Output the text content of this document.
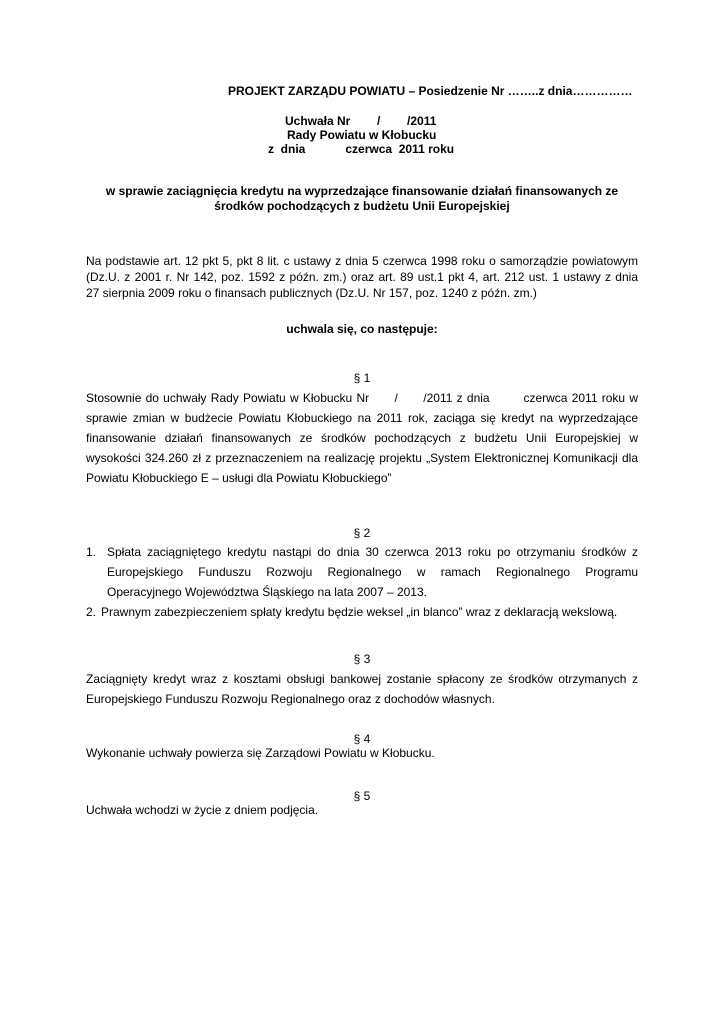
PROJEKT ZARZĄDU POWIATU – Posiedzenie Nr ……..z dnia……………
Uchwała Nr        /        /2011
Rady Powiatu w Kłobucku
z  dnia            czerwca  2011 roku
w sprawie zaciągnięcia kredytu na wyprzedzające finansowanie działań finansowanych ze
środków pochodzących z budżetu Unii Europejskiej
Na podstawie art. 12 pkt 5, pkt 8 lit. c ustawy z dnia 5 czerwca 1998 roku o samorządzie powiatowym
(Dz.U. z 2001 r. Nr 142, poz. 1592 z późn. zm.) oraz art. 89 ust.1 pkt 4, art. 212 ust. 1 ustawy z dnia
27 sierpnia 2009 roku o finansach publicznych (Dz.U. Nr 157, poz. 1240 z późn. zm.)
uchwala się, co następuje:
§ 1
Stosownie do uchwały Rady Powiatu w Kłobucku Nr      /      /2011 z dnia        czerwca 2011 roku w
sprawie zmian w budżecie Powiatu Kłobuckiego na 2011 rok, zaciąga się kredyt na wyprzedzające
finansowanie działań finansowanych ze środków pochodzących z budżetu Unii Europejskiej w
wysokości 324.260 zł z przeznaczeniem na realizację projektu „System Elektronicznej Komunikacji dla
Powiatu Kłobuckiego E – usługi dla Powiatu Kłobuckiego”
§ 2
1. Spłata zaciągniętego kredytu nastąpi do dnia 30 czerwca 2013 roku po otrzymaniu środków z
Europejskiego Funduszu Rozwoju Regionalnego w ramach Regionalnego Programu
Operacyjnego Województwa Śląskiego na lata 2007 – 2013.
2. Prawnym zabezpieczeniem spłaty kredytu będzie weksel „in blanco” wraz z deklaracją wekslową.
§ 3
Zaciągnięty kredyt wraz z kosztami obsługi bankowej zostanie spłacony ze środków otrzymanych z
Europejskiego Funduszu Rozwoju Regionalnego oraz z dochodów własnych.
§ 4
Wykonanie uchwały powierza się Zarządowi Powiatu w Kłobucku.
§ 5
Uchwała wchodzi w życie z dniem podjęcia.
